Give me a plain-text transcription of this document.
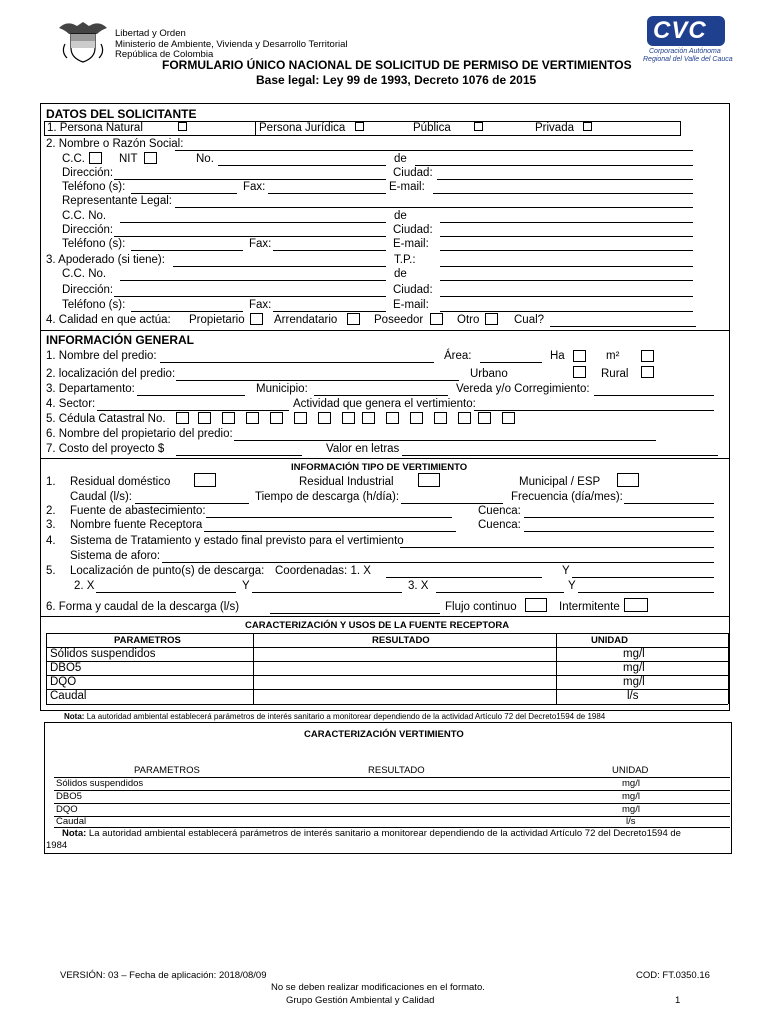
Libertad y Orden
Ministerio de Ambiente, Vivienda y Desarrollo Territorial
República de Colombia
FORMULARIO ÚNICO NACIONAL DE SOLICITUD DE PERMISO DE VERTIMIENTOS
Base legal: Ley 99 de 1993, Decreto 1076 de 2015
CVC
Corporación Autónoma
Regional del Valle del Cauca
DATOS DEL SOLICITANTE
1. Persona Natural	Persona Jurídica	Pública	Privada
2. Nombre o Razón Social:
C.C.	NIT	No.	de
Dirección:	Ciudad:
Teléfono (s):	Fax:	E-mail:
Representante Legal:
C.C. No.	de
Dirección:	Ciudad:
Teléfono (s):	Fax:	E-mail:
3. Apoderado (si tiene):	T.P.:
C.C. No.	de
Dirección:	Ciudad:
Teléfono (s):	Fax:	E-mail:
4. Calidad en que actúa: Propietario	Arrendatario	Poseedor	Otro	Cual?
INFORMACIÓN GENERAL
1. Nombre del predio:	Área:	Ha	m²
2. localización del predio:	Urbano	Rural
3. Departamento:	Municipio:	Vereda y/o Corregimiento:
4. Sector:	Actividad que genera el vertimiento:
5. Cédula Catastral No.
6. Nombre del propietario del predio:
7. Costo del proyecto $	Valor en letras
INFORMACIÓN TIPO DE VERTIMIENTO
1. Residual doméstico	Residual Industrial	Municipal / ESP
Caudal (l/s):	Tiempo de descarga (h/día):	Frecuencia (día/mes):
2. Fuente de abastecimiento:	Cuenca:
3. Nombre fuente Receptora	Cuenca:
4. Sistema de Tratamiento y estado final previsto para el vertimiento
Sistema de aforo:
5. Localización de punto(s) de descarga: Coordenadas: 1. X	Y
2. X	Y	3. X	Y
6. Forma y caudal de la descarga (l/s)	Flujo continuo	Intermitente
CARACTERIZACIÓN Y USOS DE LA FUENTE RECEPTORA
PARAMETROS	RESULTADO	UNIDAD
Sólidos suspendidos	mg/l
DBO5	mg/l
DQO	mg/l
Caudal	l/s
Nota: La autoridad ambiental establecerá parámetros de interés sanitario a monitorear dependiendo de la actividad Artículo 72 del Decreto1594 de 1984
CARACTERIZACIÓN VERTIMIENTO
PARAMETROS	RESULTADO	UNIDAD
Sólidos suspendidos	mg/l
DBO5	mg/l
DQO	mg/l
Caudal	l/s
Nota: La autoridad ambiental establecerá parámetros de interés sanitario a monitorear dependiendo de la actividad Artículo 72 del Decreto1594 de
1984
VERSIÓN: 03 – Fecha de aplicación: 2018/08/09	COD: FT.0350.16
No se deben realizar modificaciones en el formato.
Grupo Gestión Ambiental y Calidad	1
